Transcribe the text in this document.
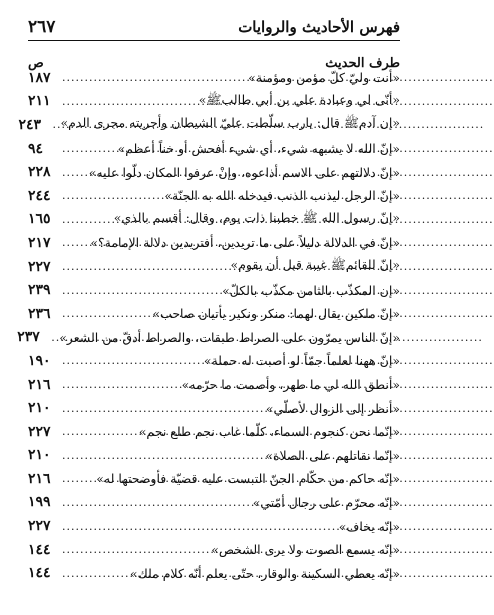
فهرس الأحاديث والروايات
٢٦٧
طرف الحديث
ص
«أنت وليّ كلّ مؤمن ومؤمنة»
.....
١٨٧
«أنّى لي وعبادة علي بن أبي طالبﷺ»
.....
٢١١
«إن آدمﷺ قال: يارب سلّطت عليّ الشيطان وأجريته مجرى الدم»
.....
٢٤٣
«إنّ الله لا يشبهه شيء، أي شيء أفحش أو خناً أعظم»
.....
٩٤
«إنّ دلالتهم على الاسم أذاعوه، وإنْ عرفوا المكان دلّوا عليه»
.....
٢٢٨
«إنّ الرجل ليذنب الذنب فيدخله الله به الجنّة»
.....
٢٤٤
«إنّ رسول الله ﷺ خطبنا ذات يوم، وقال: أقسم بالذي»
.....
١٦٥
«إنّ في الدلالة دليلاً على ما تريدين، أفتريدين دلالة الإمامة؟»
.....
٢١٧
«إنّ للقائمﷺ غيبة قبل أن يقوم»
.....
٢٢٧
«إن المكذّب بالثامن مكذّب بالكلّ»
.....
٢٣٩
«إنّ ملكين يقال لهما: منكر ونكير يأتيان صاحب»
.....
٢٣٦
«إنّ الناس يمرّون على الصراط طبقات، والصراط أدقّ من الشعر»
.....
٢٣٧
«إنّ ههنا لعلماً جمّاً لو أصبت له حملة»
.....
١٩٠
«أنطق الله لي ما طهر، وأصمت ما حرّمه»
.....
٢١٦
«أنظر إلى الزوال لأصلّي»
.....
٢١٠
«إنّما نحن كنجوم السماء، كلّما غاب نجم طلع نجم»
.....
٢٢٧
«إنّما نقاتلهم على الصلاة»
.....
٢١٠
«إنّه حاكم من حكّام الجنّ التبست عليه قضيّة فأوضحتها له»
.....
٢١٦
«إنّه محرّم على رجال أمّتي»
.....
١٩٩
«إنّه يخاف»
.....
٢٢٧
«إنّه يسمع الصوت ولا يرى الشخص»
.....
١٤٤
«إنّه يعطي السكينة والوقار، حتّى يعلم أنّه كلام ملك»
.....
١٤٤
